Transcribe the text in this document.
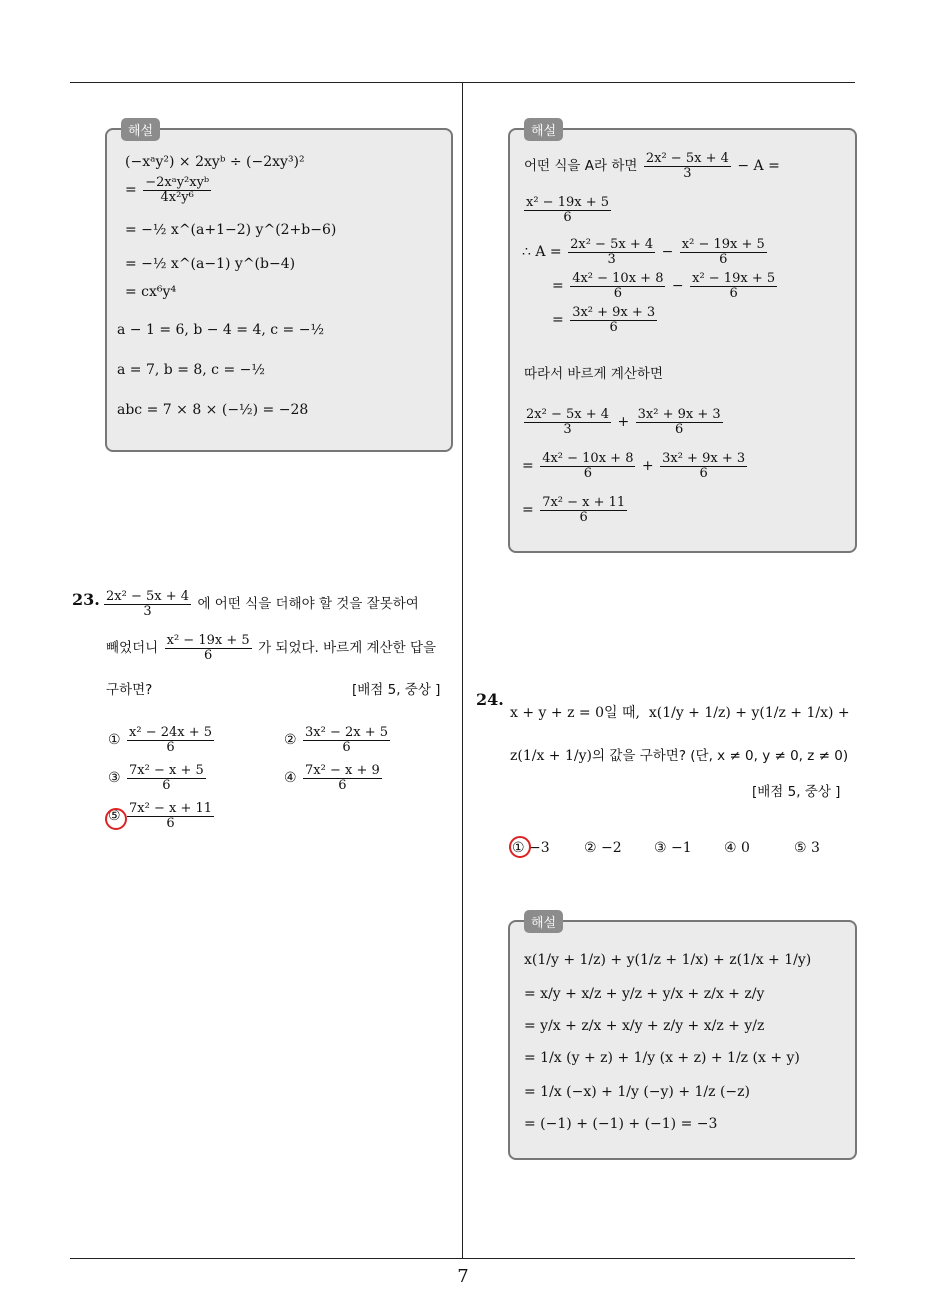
해설
(−xᵃy²) × 2xyᵇ ÷ (−2xy³)²
= −2xᵃy²xyᵇ
4x²y⁶
= −½ x^(a+1−2) y^(2+b−6)
= −½ x^(a−1) y^(b−4)
= cx⁶y⁴
a − 1 = 6, b − 4 = 4, c = −½
a = 7, b = 8, c = −½
abc = 7 × 8 × (−½) = −28
해설
어떤 식을 A라 하면 $\frac{\text{2x² − 5x + 4}}{3} - A$ =
$\frac{\text{x² − 19x + 5}}{6}$
∴ $A = \frac{\text{2x² − 5x + 4}}{3} - \frac{\text{x² − 19x + 5}}{6}$
= $\frac{\text{4x² − 10x + 8}}{6} - \frac{\text{x² − 19x + 5}}{6}$
= $\frac{\text{3x² + 9x + 3}}{6}$
따라서 바르게 계산하면
$\frac{\text{2x² − 5x + 4}}{3} + \frac{\text{3x² + 9x + 3}}{6}$
= $\frac{\text{4x² − 10x + 8}}{6} + \frac{\text{3x² + 9x + 3}}{6}$
= $\frac{\text{7x² − x + 11}}{6}$
23. $\frac{\text{2x² − 5x + 4}}{3}$ 에 어떤 식을 더해야 할 것을 잘못하여
빼었더니 $\frac{\text{x² − 19x + 5}}{6}$ 가 되었다. 바르게 계산한 답을
구하면?	[배점 5, 중상 ]
① $\frac{\text{x² − 24x + 5}}{6}$	② $\frac{\text{3x² − 2x + 5}}{6}$
③ $\frac{\text{7x² − x + 5}}{6}$	④ $\frac{\text{7x² − x + 9}}{6}$
⑤ $\frac{\text{7x² − x + 11}}{6}$
24.
x + y + z = 0일 때, x(1/y + 1/z) + y(1/z + 1/x) +
z(1/x + 1/y)의 값을 구하면? (단, x ≠ 0, y ≠ 0, z ≠ 0)
[배점 5, 중상 ]
① −3 ② −2 ③ −1 ④ 0	⑤ 3
해설
x(1/y + 1/z) + y(1/z + 1/x) + z(1/x + 1/y)
= x/y + x/z + y/z + y/x + z/x + z/y
= y/x + z/x + x/y + z/y + x/z + y/z
= 1/x (y + z) + 1/y (x + z) + 1/z (x + y)
= 1/x (−x) + 1/y (−y) + 1/z (−z)
= (−1) + (−1) + (−1) = −3
7
